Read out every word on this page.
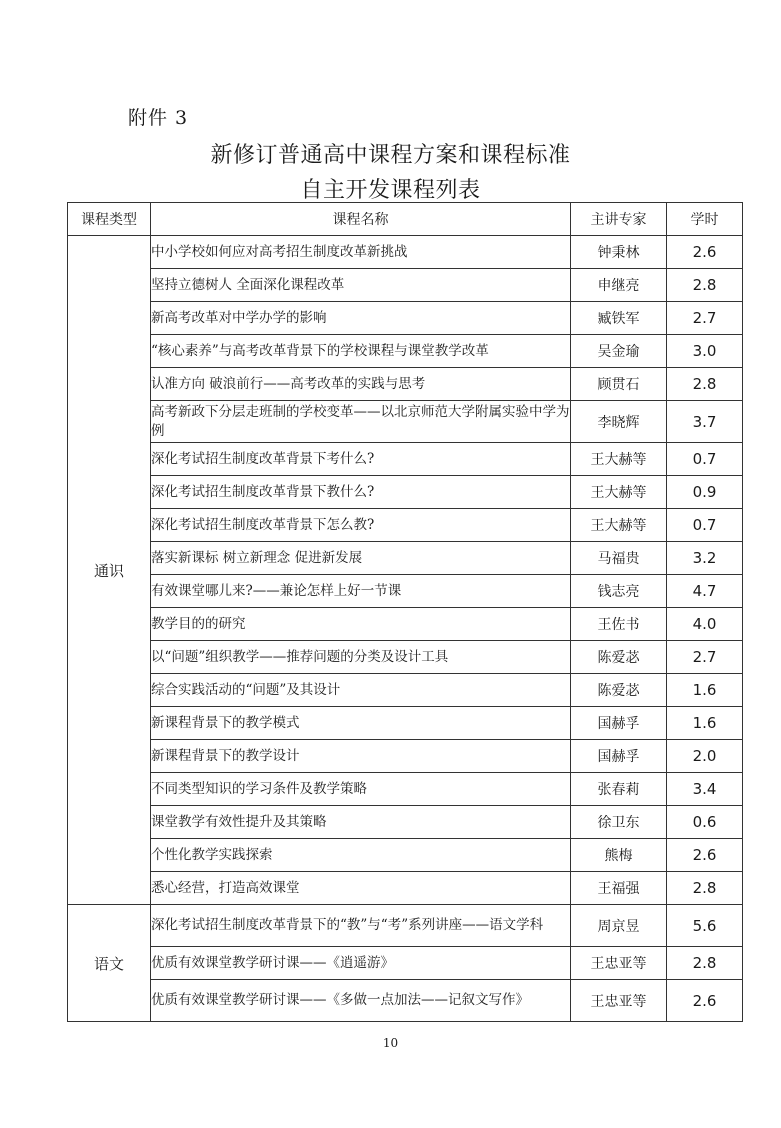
附件 3
新修订普通高中课程方案和课程标准
自主开发课程列表
课程类型	课程名称	主讲专家	学时
通识	中小学校如何应对高考招生制度改革新挑战	钟秉林	2.6
	坚持立德树人 全面深化课程改革	申继亮	2.8
	新高考改革对中学办学的影响	臧铁军	2.7
	“核心素养”与高考改革背景下的学校课程与课堂教学改革	吴金瑜	3.0
	认准方向 破浪前行——高考改革的实践与思考	顾贯石	2.8
	高考新政下分层走班制的学校变革——以北京师范大学附属实验中学为例	李晓辉	3.7
	深化考试招生制度改革背景下考什么?	王大赫等	0.7
	深化考试招生制度改革背景下教什么?	王大赫等	0.9
	深化考试招生制度改革背景下怎么教?	王大赫等	0.7
	落实新课标 树立新理念 促进新发展	马福贵	3.2
	有效课堂哪儿来?——兼论怎样上好一节课	钱志亮	4.7
	教学目的的研究	王佐书	4.0
	以“问题”组织教学——推荐问题的分类及设计工具	陈爱苾	2.7
	综合实践活动的“问题”及其设计	陈爱苾	1.6
	新课程背景下的教学模式	国赫孚	1.6
	新课程背景下的教学设计	国赫孚	2.0
	不同类型知识的学习条件及教学策略	张春莉	3.4
	课堂教学有效性提升及其策略	徐卫东	0.6
	个性化教学实践探索	熊梅	2.6
	悉心经营，打造高效课堂	王福强	2.8
语文	深化考试招生制度改革背景下的“教”与“考”系列讲座——语文学科	周京昱	5.6
	优质有效课堂教学研讨课——《逍遥游》	王忠亚等	2.8
	优质有效课堂教学研讨课——《多做一点加法——记叙文写作》	王忠亚等	2.6
10
